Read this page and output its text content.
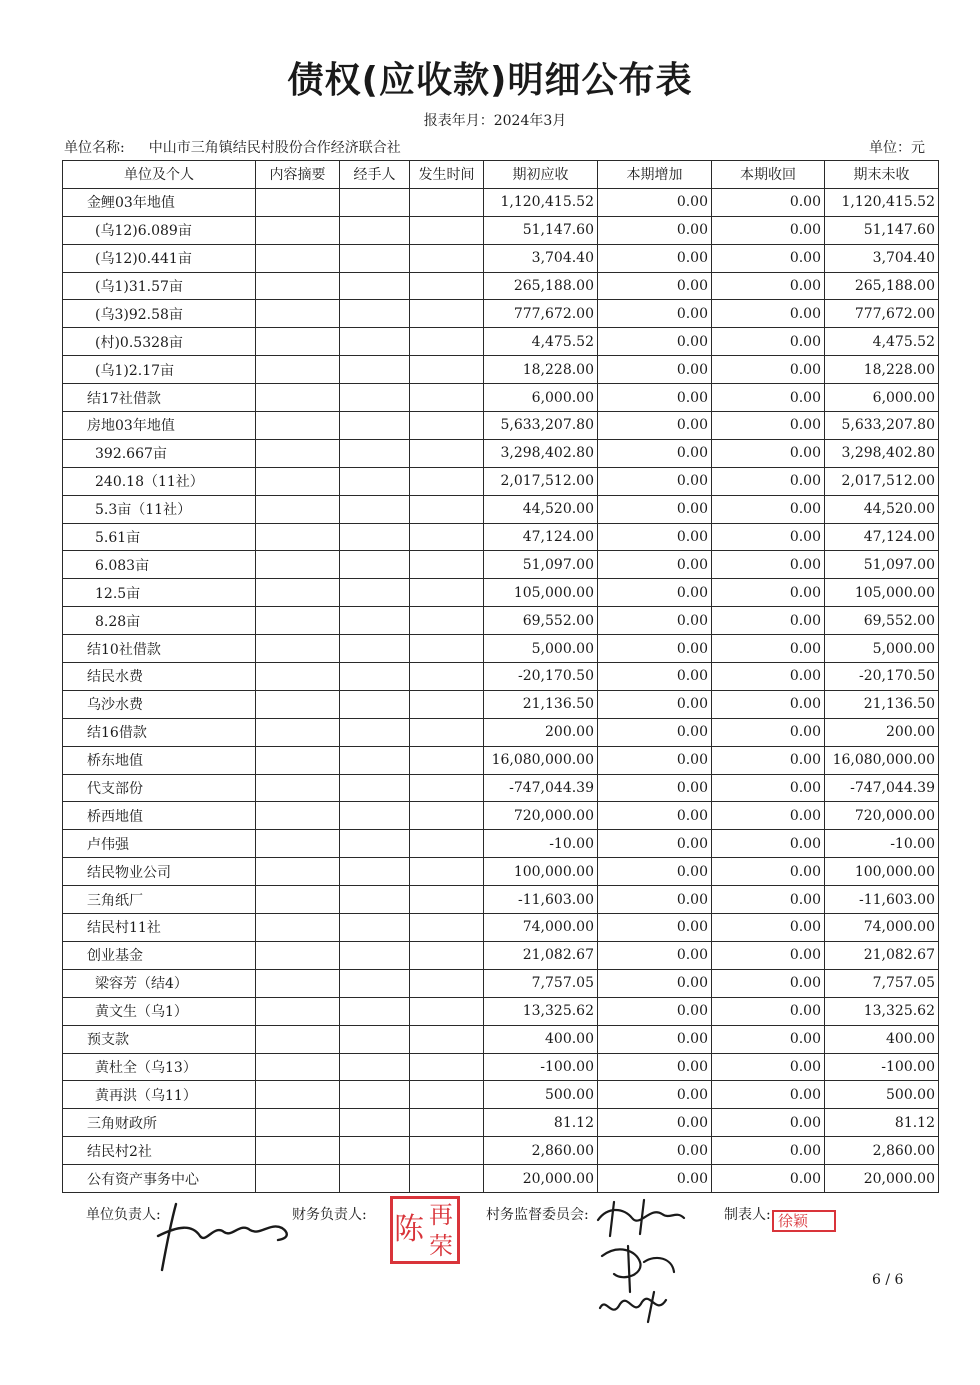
债权(应收款)明细公布表
报表年月：2024年3月
单位名称: 中山市三角镇结民村股份合作经济联合社	单位：元
单位及个人	内容摘要	经手人	发生时间	期初应收	本期增加	本期收回	期末未收
金鲤03年地值				1,120,415.52	0.00	0.00	1,120,415.52
(乌12)6.089亩				51,147.60	0.00	0.00	51,147.60
(乌12)0.441亩				3,704.40	0.00	0.00	3,704.40
(乌1)31.57亩				265,188.00	0.00	0.00	265,188.00
(乌3)92.58亩				777,672.00	0.00	0.00	777,672.00
(村)0.5328亩				4,475.52	0.00	0.00	4,475.52
(乌1)2.17亩				18,228.00	0.00	0.00	18,228.00
结17社借款				6,000.00	0.00	0.00	6,000.00
房地03年地值				5,633,207.80	0.00	0.00	5,633,207.80
392.667亩				3,298,402.80	0.00	0.00	3,298,402.80
240.18（11社）				2,017,512.00	0.00	0.00	2,017,512.00
5.3亩（11社）				44,520.00	0.00	0.00	44,520.00
5.61亩				47,124.00	0.00	0.00	47,124.00
6.083亩				51,097.00	0.00	0.00	51,097.00
12.5亩				105,000.00	0.00	0.00	105,000.00
8.28亩				69,552.00	0.00	0.00	69,552.00
结10社借款				5,000.00	0.00	0.00	5,000.00
结民水费				-20,170.50	0.00	0.00	-20,170.50
乌沙水费				21,136.50	0.00	0.00	21,136.50
结16借款				200.00	0.00	0.00	200.00
桥东地值				16,080,000.00	0.00	0.00	16,080,000.00
代支部份				-747,044.39	0.00	0.00	-747,044.39
桥西地值				720,000.00	0.00	0.00	720,000.00
卢伟强				-10.00	0.00	0.00	-10.00
结民物业公司				100,000.00	0.00	0.00	100,000.00
三角纸厂				-11,603.00	0.00	0.00	-11,603.00
结民村11社				74,000.00	0.00	0.00	74,000.00
创业基金				21,082.67	0.00	0.00	21,082.67
梁容芳（结4）				7,757.05	0.00	0.00	7,757.05
黄文生（乌1）				13,325.62	0.00	0.00	13,325.62
预支款				400.00	0.00	0.00	400.00
黄杜全（乌13）				-100.00	0.00	0.00	-100.00
黄再洪（乌11）				500.00	0.00	0.00	500.00
三角财政所				81.12	0.00	0.00	81.12
结民村2社				2,860.00	0.00	0.00	2,860.00
公有资产事务中心				20,000.00	0.00	0.00	20,000.00
单位负责人:	财务负责人:	村务监督委员会:	制表人:
陈 再
荣
徐颖
6 / 6
